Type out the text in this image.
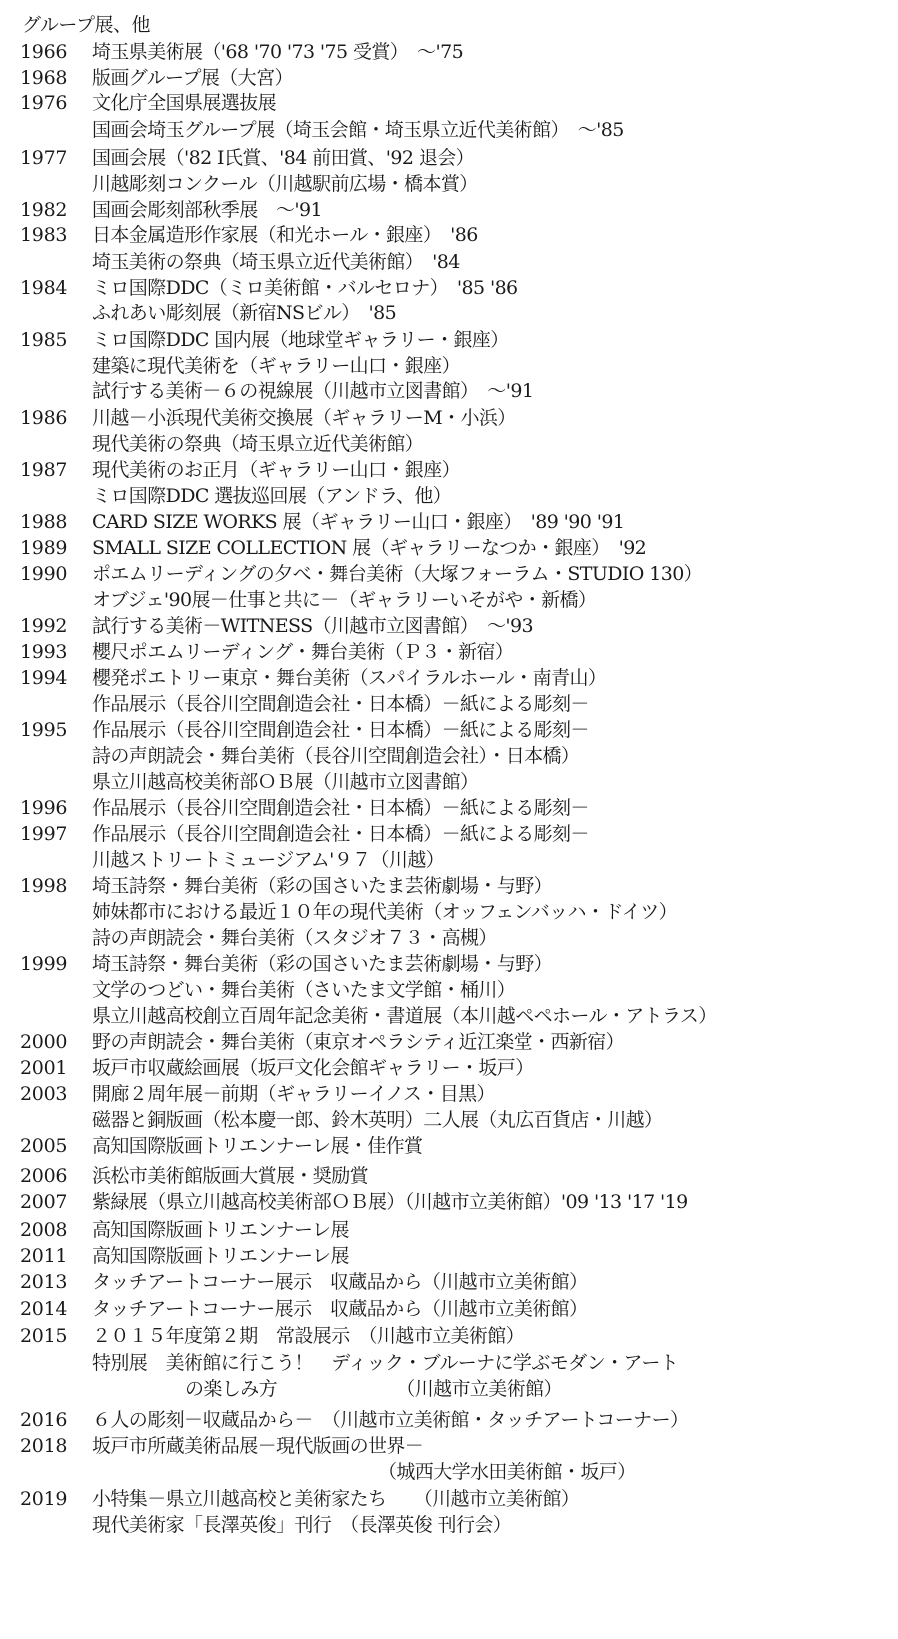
グループ展、他
1966	埼玉県美術展（'68 '70 '73 '75 受賞）　～'75
1968	版画グループ展（大宮）
1976	文化庁全国県展選抜展
国画会埼玉グループ展（埼玉会館・埼玉県立近代美術館）　～'85
1977	国画会展（'82 Ⅰ氏賞、'84 前田賞、'92 退会）
川越彫刻コンクール（川越駅前広場・橋本賞）
1982	国画会彫刻部秋季展　～'91
1983	日本金属造形作家展（和光ホール・銀座）　'86
埼玉美術の祭典（埼玉県立近代美術館）　'84
1984	ミロ国際DDC（ミロ美術館・バルセロナ）　'85 '86
ふれあい彫刻展（新宿NSビル）　'85
1985	ミロ国際DDC 国内展（地球堂ギャラリー・銀座）
建築に現代美術を（ギャラリー山口・銀座）
試行する美術－６の視線展（川越市立図書館）　～'91
1986	川越－小浜現代美術交換展（ギャラリーM・小浜）
現代美術の祭典（埼玉県立近代美術館）
1987	現代美術のお正月（ギャラリー山口・銀座）
ミロ国際DDC 選抜巡回展（アンドラ、他）
1988	CARD SIZE WORKS 展（ギャラリー山口・銀座）　'89 '90 '91
1989	SMALL SIZE COLLECTION 展（ギャラリーなつか・銀座）　'92
1990	ポエムリーディングの夕べ・舞台美術（大塚フォーラム・STUDIO 130）
オブジェ'90展－仕事と共に－（ギャラリーいそがや・新橋）
1992	試行する美術－WITNESS（川越市立図書館）　～'93
1993	櫻尺ポエムリーディング・舞台美術（Ｐ３・新宿）
1994	櫻発ポエトリー東京・舞台美術（スパイラルホール・南青山）
作品展示（長谷川空間創造会社・日本橋）－紙による彫刻－
1995	作品展示（長谷川空間創造会社・日本橋）－紙による彫刻－
詩の声朗読会・舞台美術（長谷川空間創造会社）・日本橋）
県立川越高校美術部ＯＢ展（川越市立図書館）
1996	作品展示（長谷川空間創造会社・日本橋）－紙による彫刻－
1997	作品展示（長谷川空間創造会社・日本橋）－紙による彫刻－
川越ストリートミュージアム'９７（川越）
1998	埼玉詩祭・舞台美術（彩の国さいたま芸術劇場・与野）
姉妹都市における最近１０年の現代美術（オッフェンバッハ・ドイツ）
詩の声朗読会・舞台美術（スタジオ７３・高槻）
1999	埼玉詩祭・舞台美術（彩の国さいたま芸術劇場・与野）
文学のつどい・舞台美術（さいたま文学館・桶川）
県立川越高校創立百周年記念美術・書道展（本川越ペペホール・アトラス）
2000	野の声朗読会・舞台美術（東京オペラシティ近江楽堂・西新宿）
2001	坂戸市収蔵絵画展（坂戸文化会館ギャラリー・坂戸）
2003	開廊２周年展－前期（ギャラリーイノス・目黒）
磁器と銅版画（松本慶一郎、鈴木英明）二人展（丸広百貨店・川越）
2005	高知国際版画トリエンナーレ展・佳作賞
2006	浜松市美術館版画大賞展・奨励賞
2007	紫緑展（県立川越高校美術部ＯＢ展）（川越市立美術館）'09 '13 '17 '19
2008	高知国際版画トリエンナーレ展
2011	高知国際版画トリエンナーレ展
2013	タッチアートコーナー展示　収蔵品から（川越市立美術館）
2014	タッチアートコーナー展示　収蔵品から（川越市立美術館）
2015	２０１５年度第２期　常設展示　（川越市立美術館）
特別展　美術館に行こう！　ディック・ブルーナに学ぶモダン・アート
の楽しみ方　　　　　　　（川越市立美術館）
2016	６人の彫刻－収蔵品から－　（川越市立美術館・タッチアートコーナー）
2018	坂戸市所蔵美術品展－現代版画の世界－
（城西大学水田美術館・坂戸）
2019	小特集－県立川越高校と美術家たち　　（川越市立美術館）
現代美術家「長澤英俊」刊行　（長澤英俊 刊行会）
